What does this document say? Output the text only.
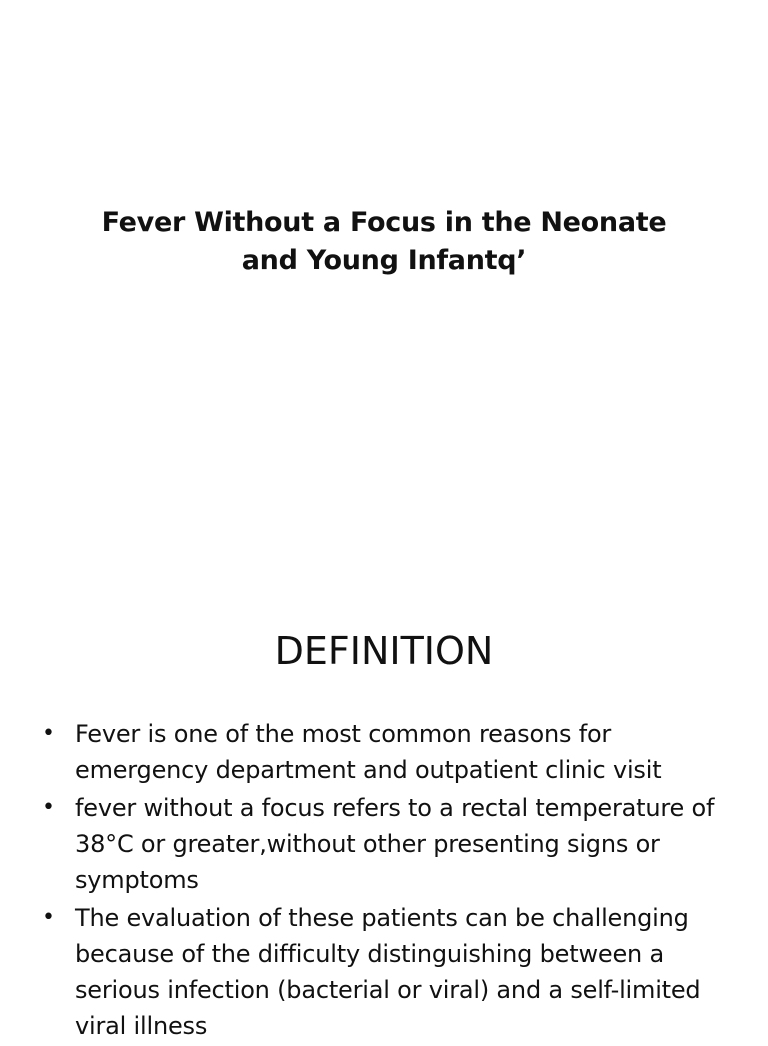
Fever Without a Focus in the Neonate
and Young Infantq’
DEFINITION
• Fever is one of the most common reasons for emergency department and outpatient clinic visit
• fever without a focus refers to a rectal temperature of 38°C or greater,without other presenting signs or symptoms
• The evaluation of these patients can be challenging because of the difficulty distinguishing between a serious infection (bacterial or viral) and a self-limited viral illness
